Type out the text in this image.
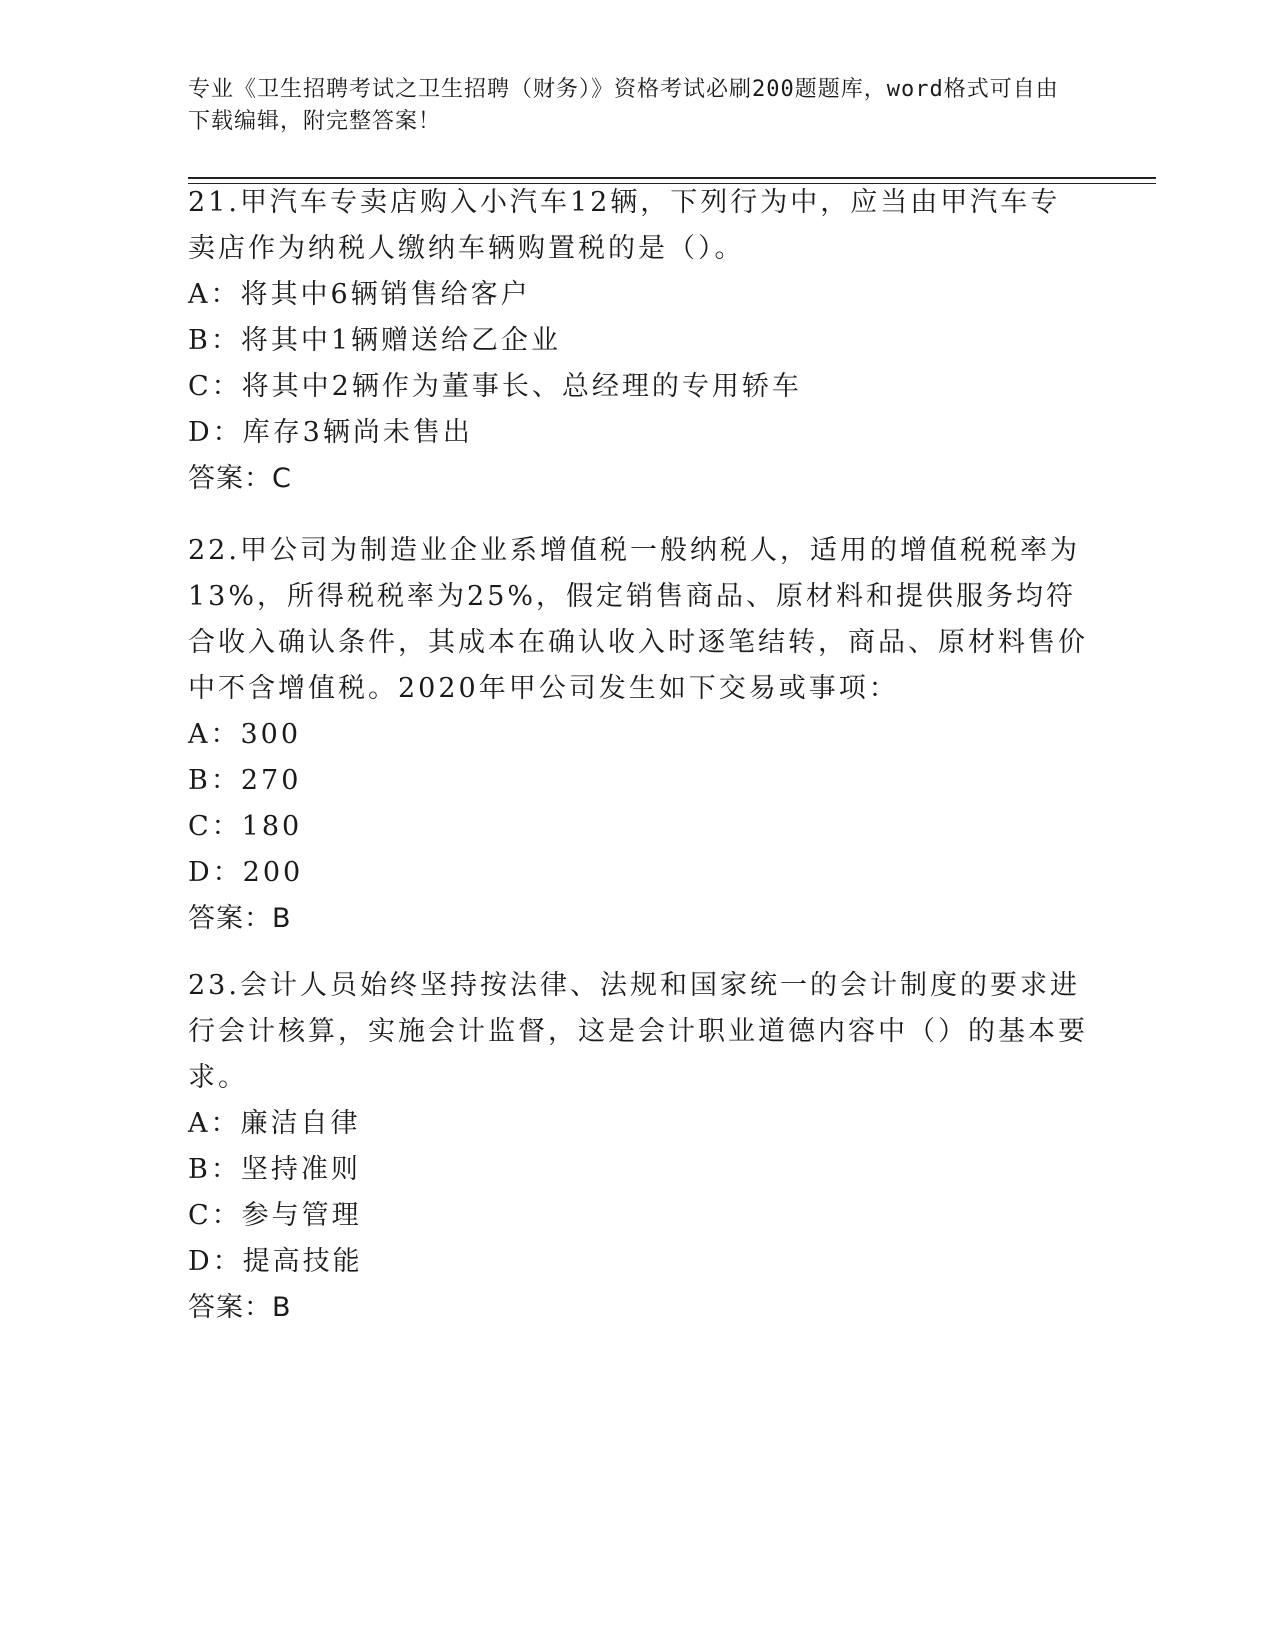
专业《卫生招聘考试之卫生招聘（财务）》资格考试必刷200题题库，word格式可自由下载编辑，附完整答案！

21.甲汽车专卖店购入小汽车12辆，下列行为中，应当由甲汽车专卖店作为纳税人缴纳车辆购置税的是（）。

A：将其中6辆销售给客户

B：将其中1辆赠送给乙企业

C：将其中2辆作为董事长、总经理的专用轿车

D：库存3辆尚未售出

答案：C

22.甲公司为制造业企业系增值税一般纳税人，适用的增值税税率为13%，所得税税率为25%，假定销售商品、原材料和提供服务均符合收入确认条件，其成本在确认收入时逐笔结转，商品、原材料售价中不含增值税。2020年甲公司发生如下交易或事项：

A：300

B：270

C：180

D：200

答案：B

23.会计人员始终坚持按法律、法规和国家统一的会计制度的要求进行会计核算，实施会计监督，这是会计职业道德内容中（）的基本要求。

A：廉洁自律

B：坚持准则

C：参与管理

D：提高技能

答案：B
